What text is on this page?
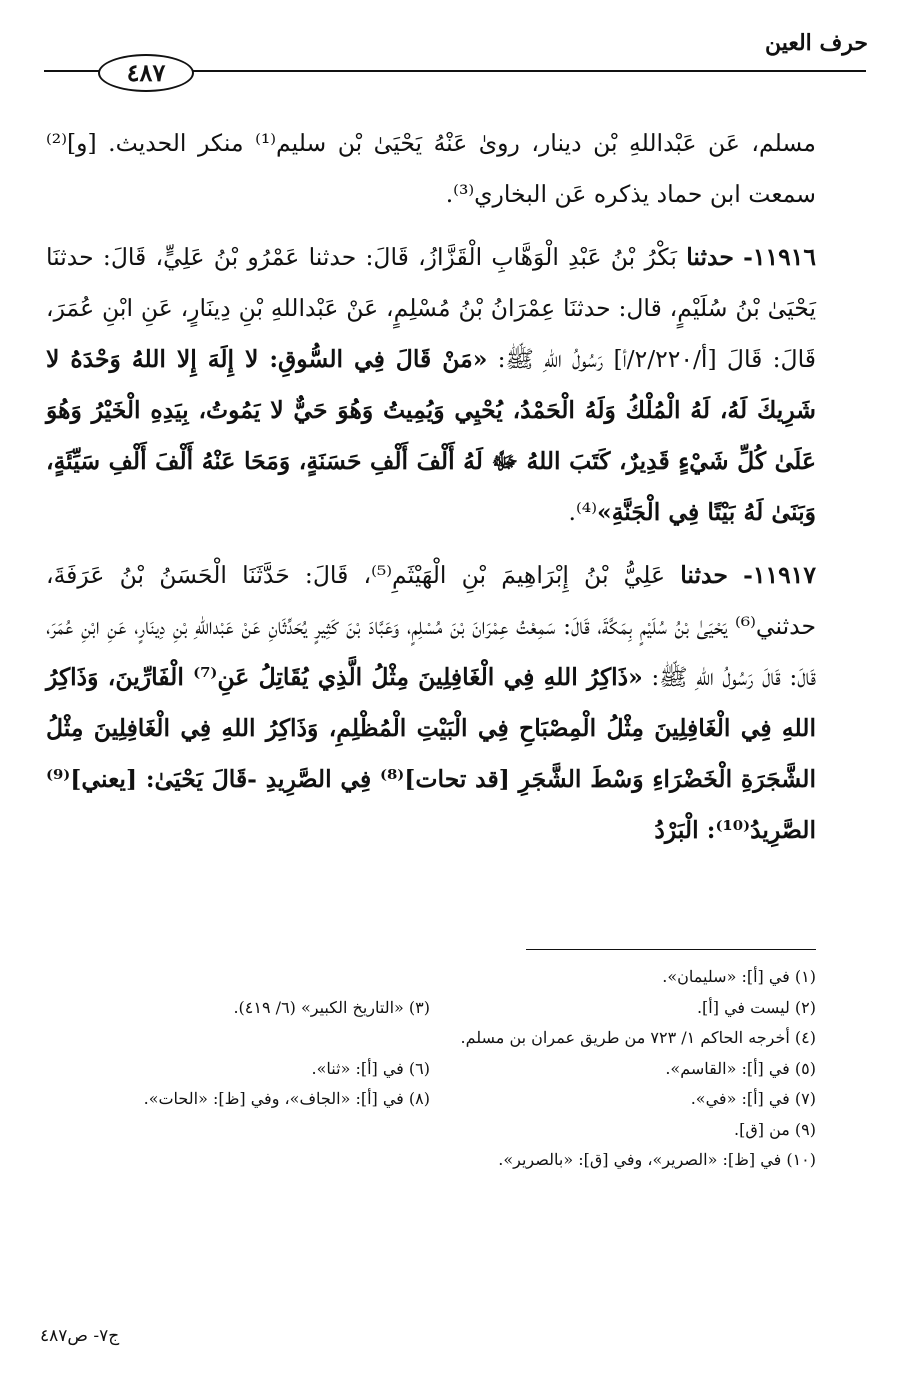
حرف العين
٤٨٧

مسلم، عَن عَبْداللهِ بْن دينار، روىٰ عَنْهُ يَحْيَىٰ بْن سليم⁽¹⁾ منكر الحديث. [و]⁽²⁾سمعت ابن حماد يذكره عَن البخاري⁽³⁾.

١١٩١٦- حدثنا بَكْرُ بْنُ عَبْدِ الْوَهَّابِ الْقَزَّازُ، قَالَ: حدثنا عَمْرُو بْنُ عَلِيٍّ، قَالَ: حدثنَا يَحْيَىٰ بْنُ سُلَيْمٍ، قال: حدثنَا عِمْرَانُ بْنُ مُسْلِمٍ، عَنْ عَبْداللهِ بْنِ دِينَارٍ، عَنِ ابْنِ عُمَرَ، قَالَ: قَالَ [أ/٢/٢٢٠/أ] رَسُولُ اللهِ ﷺ: «مَنْ قَالَ فِي السُّوقِ: لا إِلَهَ إِلا اللهُ وَحْدَهُ لا شَرِيكَ لَهُ، لَهُ الْمُلْكُ وَلَهُ الْحَمْدُ، يُحْيِي وَيُمِيتُ وَهُوَ حَيٌّ لا يَمُوتُ، بِيَدِهِ الْخَيْرُ وَهُوَ عَلَىٰ كُلِّ شَيْءٍ قَدِيرٌ، كَتَبَ اللهُ ﷻ لَهُ أَلْفَ أَلْفِ حَسَنَةٍ، وَمَحَا عَنْهُ أَلْفَ أَلْفِ سَيِّئَةٍ، وَبَنَىٰ لَهُ بَيْتًا فِي الْجَنَّةِ»⁽⁴⁾.

١١٩١٧- حدثنا عَلِيُّ بْنُ إِبْرَاهِيمَ بْنِ الْهَيْثَمِ⁽⁵⁾، قَالَ: حَدَّثَنَا الْحَسَنُ بْنُ عَرَفَةَ، حدثني⁽⁶⁾ يَحْيَىٰ بْنُ سُلَيْمٍ بِمَكَّةَ، قَالَ: سَمِعْتُ عِمْرَانَ بْنَ مُسْلِمٍ، وَعَبَّادَ بْنَ كَثِيرٍ يُحَدِّثَانِ عَنْ عَبْداللهِ بْنِ دِينَارٍ، عَنِ ابْنِ عُمَرَ، قَالَ: قَالَ رَسُولُ اللهِ ﷺ: «ذَاكِرُ اللهِ فِي الْغَافِلِينَ مِثْلُ الَّذِي يُقَاتِلُ عَنِ⁽⁷⁾ الْفَارِّينَ، وَذَاكِرُ اللهِ فِي الْغَافِلِينَ مِثْلُ الْمِصْبَاحِ فِي الْبَيْتِ الْمُظْلِمِ، وَذَاكِرُ اللهِ فِي الْغَافِلِينَ مِثْلُ الشَّجَرَةِ الْخَضْرَاءِ وَسْطَ الشَّجَرِ [قد تحات]⁽⁸⁾ فِي الصَّرِيدِ -قَالَ يَحْيَىٰ: [يعني]⁽⁹⁾ الصَّرِيدُ⁽¹⁰⁾: الْبَرْدُ

(١) في [أ]: «سليمان».
(٢) ليست في [أ].
(٣) «التاريخ الكبير» (٦/ ٤١٩).
(٤) أخرجه الحاكم ١/ ٧٢٣ من طريق عمران بن مسلم.
(٥) في [أ]: «القاسم».
(٦) في [أ]: «ثنا».
(٧) في [أ]: «في».
(٨) في [أ]: «الجاف»، وفي [ظ]: «الحات».
(٩) من [ق].
(١٠) في [ظ]: «الصرير»، وفي [ق]: «بالصرير».
ج٧- ص٤٨٧
